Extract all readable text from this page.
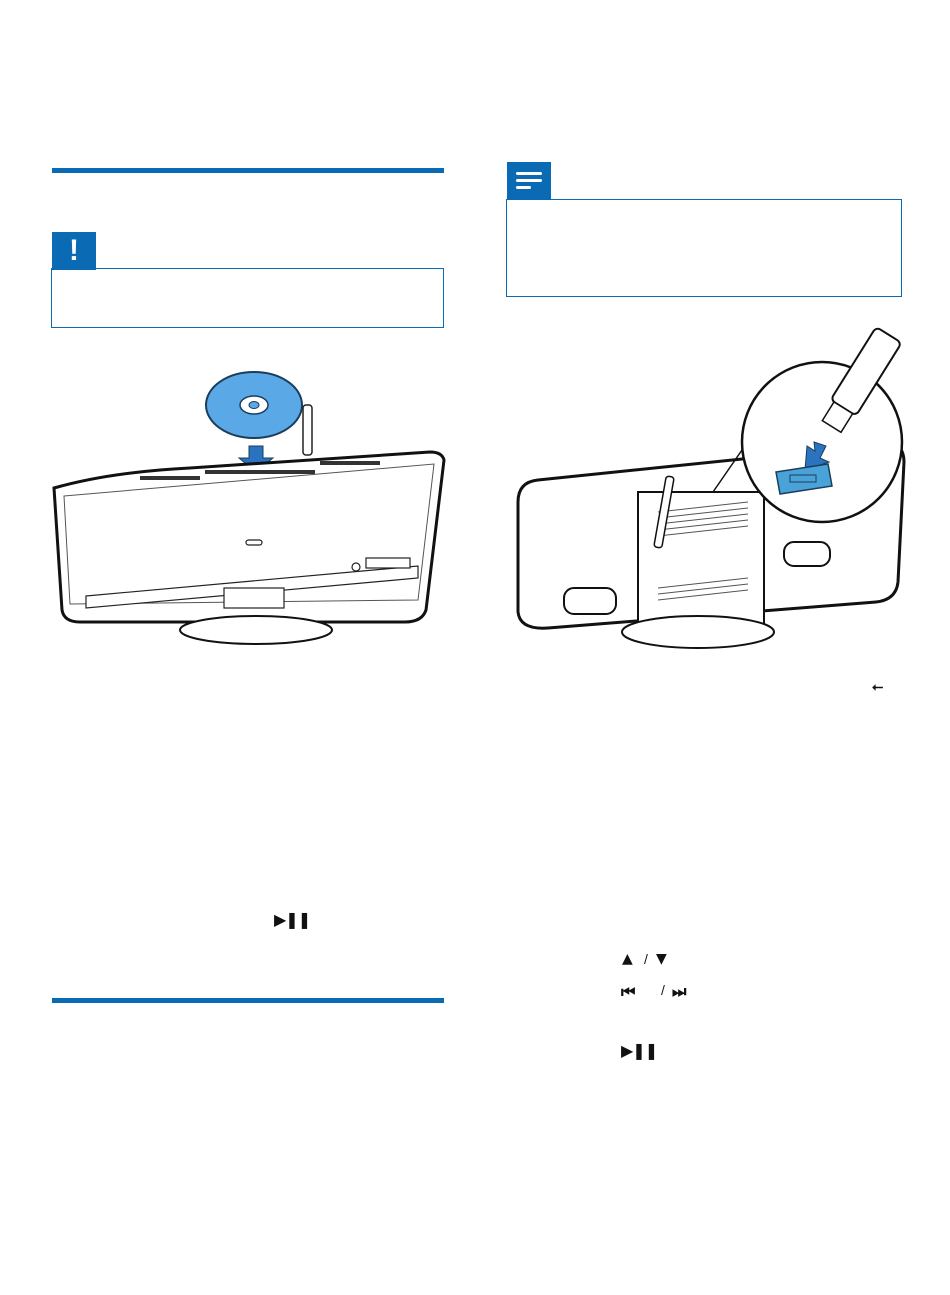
!
▶❚❚
⭠
▲ / ▼
⏮ / ⏭
▶❚❚
